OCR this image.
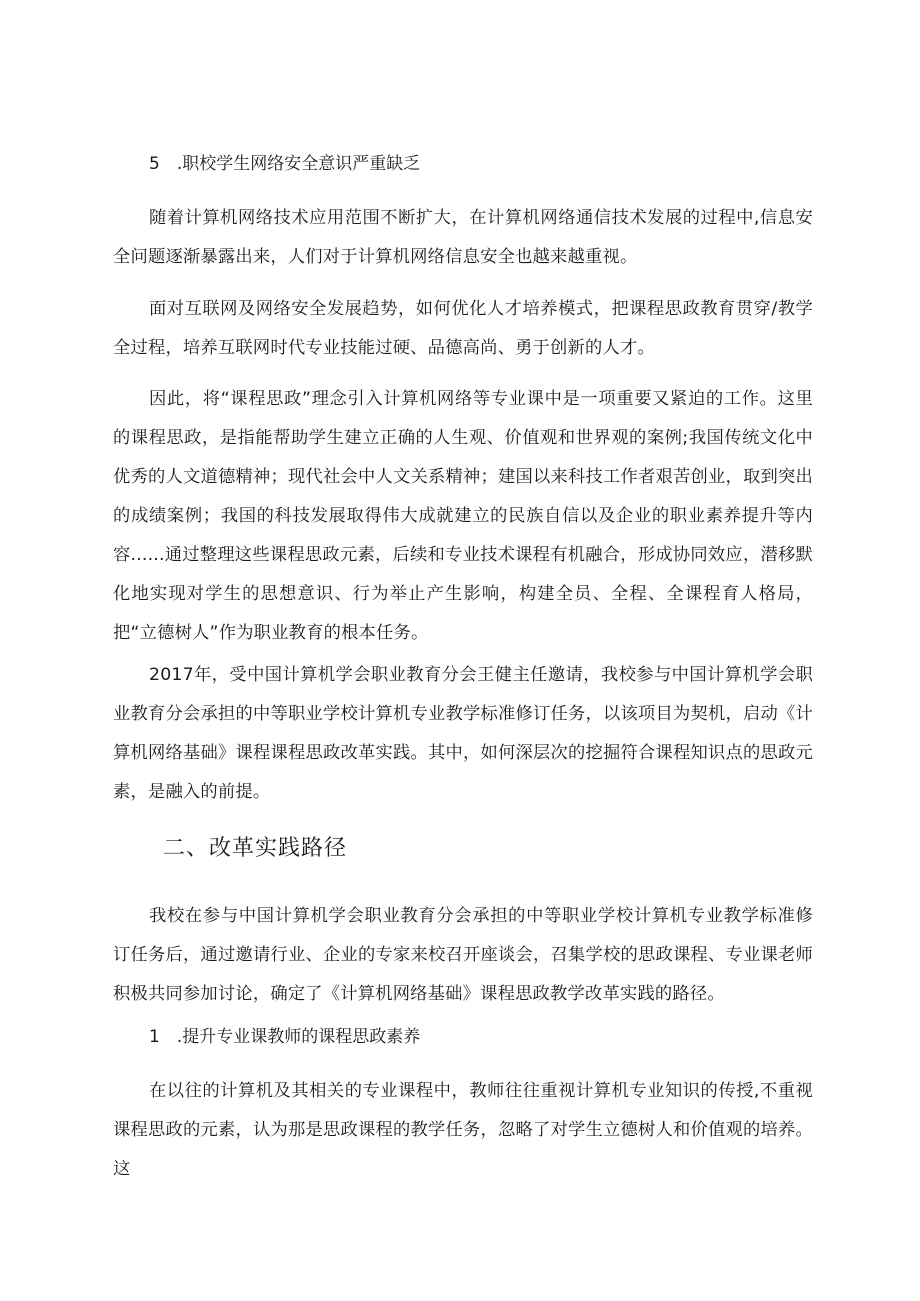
5　.职校学生网络安全意识严重缺乏

随着计算机网络技术应用范围不断扩大，在计算机网络通信技术发展的过程中,信息安全问题逐渐暴露出来，人们对于计算机网络信息安全也越来越重视。

面对互联网及网络安全发展趋势，如何优化人才培养模式，把课程思政教育贯穿/教学全过程，培养互联网时代专业技能过硬、品德高尚、勇于创新的人才。

因此，将“课程思政”理念引入计算机网络等专业课中是一项重要又紧迫的工作。这里的课程思政，是指能帮助学生建立正确的人生观、价值观和世界观的案例;我国传统文化中优秀的人文道德精神；现代社会中人文关系精神；建国以来科技工作者艰苦创业，取到突出的成绩案例；我国的科技发展取得伟大成就建立的民族自信以及企业的职业素养提升等内容......通过整理这些课程思政元素，后续和专业技术课程有机融合，形成协同效应，潜移默化地实现对学生的思想意识、行为举止产生影响，构建全员、全程、全课程育人格局，把“立德树人”作为职业教育的根本任务。

2017年，受中国计算机学会职业教育分会王健主任邀请，我校参与中国计算机学会职业教育分会承担的中等职业学校计算机专业教学标准修订任务，以该项目为契机，启动《计算机网络基础》课程课程思政改革实践。其中，如何深层次的挖掘符合课程知识点的思政元素，是融入的前提。

二、改革实践路径

我校在参与中国计算机学会职业教育分会承担的中等职业学校计算机专业教学标准修订任务后，通过邀请行业、企业的专家来校召开座谈会，召集学校的思政课程、专业课老师积极共同参加讨论，确定了《计算机网络基础》课程思政教学改革实践的路径。

1　.提升专业课教师的课程思政素养

在以往的计算机及其相关的专业课程中，教师往往重视计算机专业知识的传授,不重视课程思政的元素，认为那是思政课程的教学任务，忽略了对学生立德树人和价值观的培养。这
